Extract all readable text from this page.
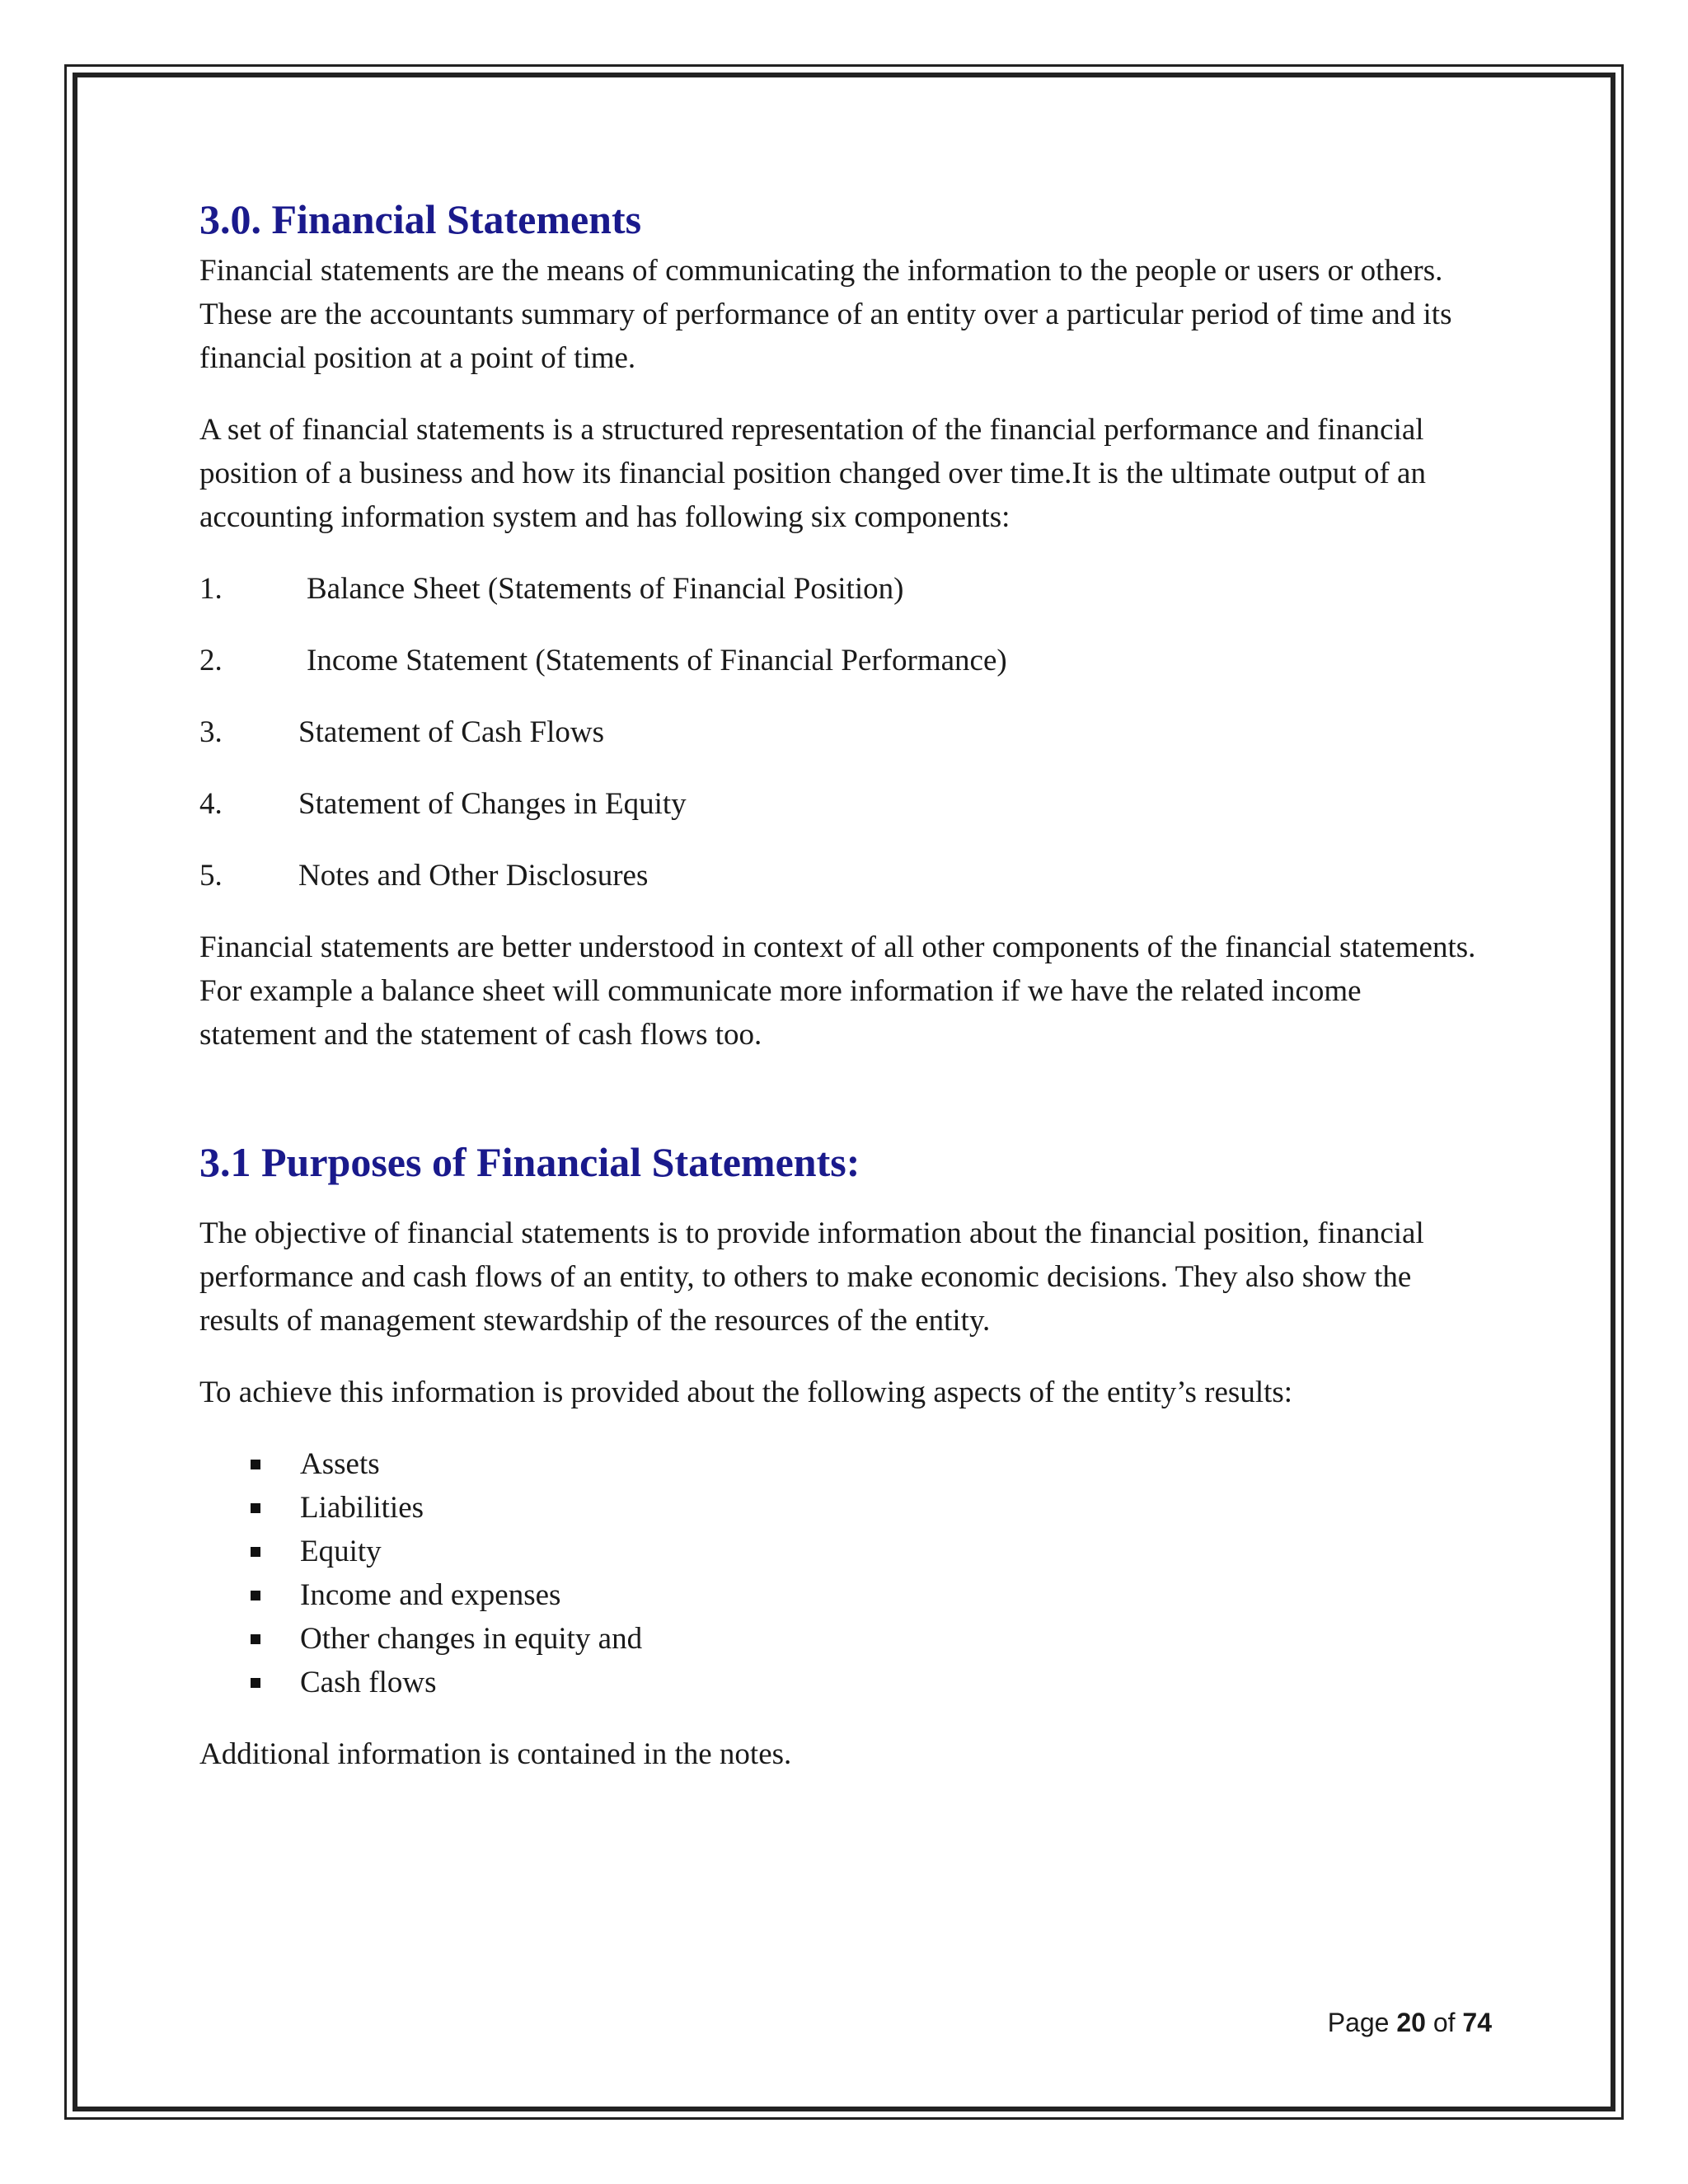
3.0. Financial Statements

Financial statements are the means of communicating the information to the people or users or others. These are the accountants summary of performance of an entity over a particular period of time and its financial position at a point of time.

A set of financial statements is a structured representation of the financial performance and financial position of a business and how its financial position changed over time.It is the ultimate output of an accounting information system and has following six components:

1.	Balance Sheet (Statements of Financial Position)
2.	Income Statement (Statements of Financial Performance)
3.	Statement of Cash Flows
4.	Statement of Changes in Equity
5.	Notes and Other Disclosures

Financial statements are better understood in context of all other components of the financial statements. For example a balance sheet will communicate more information if we have the related income statement and the statement of cash flows too.

3.1 Purposes of Financial Statements:

The objective of financial statements is to provide information about the financial position, financial performance and cash flows of an entity, to others to make economic decisions. They also show the results of management stewardship of the resources of the entity.

To achieve this information is provided about the following aspects of the entity’s results:

Assets
Liabilities
Equity
Income and expenses
Other changes in equity and
Cash flows

Additional information is contained in the notes.

Page 20 of 74
